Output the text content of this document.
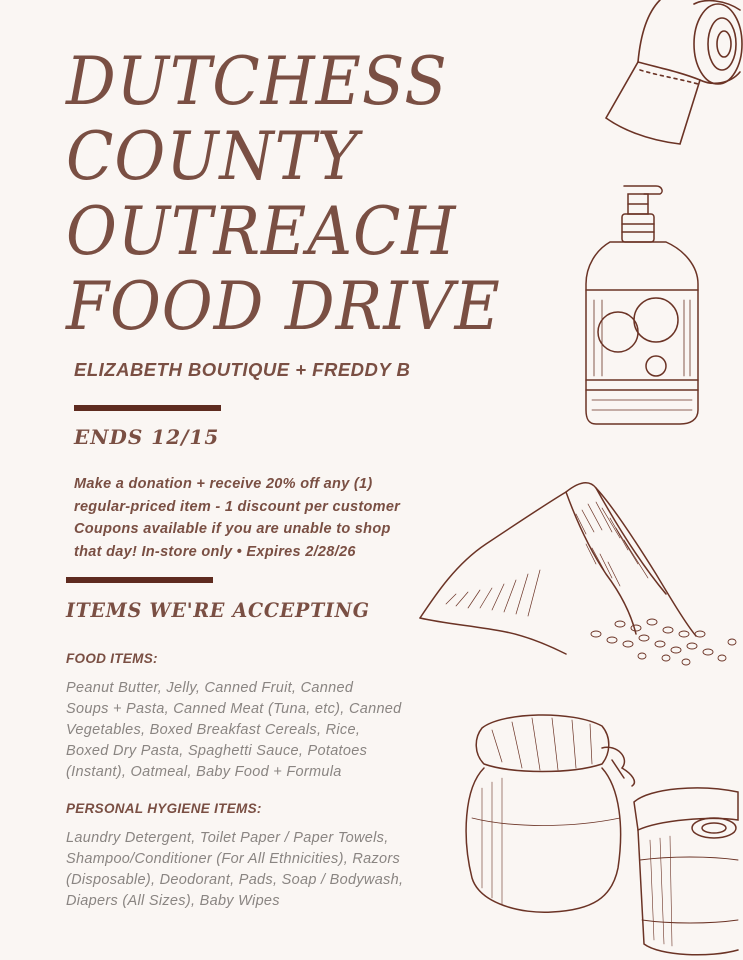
DUTCHESS
COUNTY
OUTREACH
FOOD DRIVE
ELIZABETH BOUTIQUE + FREDDY B
ENDS 12/15
Make a donation + receive 20% off any (1)
regular-priced item - 1 discount per customer
Coupons available if you are unable to shop
that day! In-store only • Expires 2/28/26
ITEMS WE'RE ACCEPTING
FOOD ITEMS:
Peanut Butter, Jelly, Canned Fruit, Canned
Soups + Pasta, Canned Meat (Tuna, etc), Canned
Vegetables, Boxed Breakfast Cereals, Rice,
Boxed Dry Pasta, Spaghetti Sauce, Potatoes
(Instant), Oatmeal, Baby Food + Formula
PERSONAL HYGIENE ITEMS:
Laundry Detergent, Toilet Paper / Paper Towels,
Shampoo/Conditioner (For All Ethnicities), Razors
(Disposable), Deodorant, Pads, Soap / Bodywash,
Diapers (All Sizes), Baby Wipes
